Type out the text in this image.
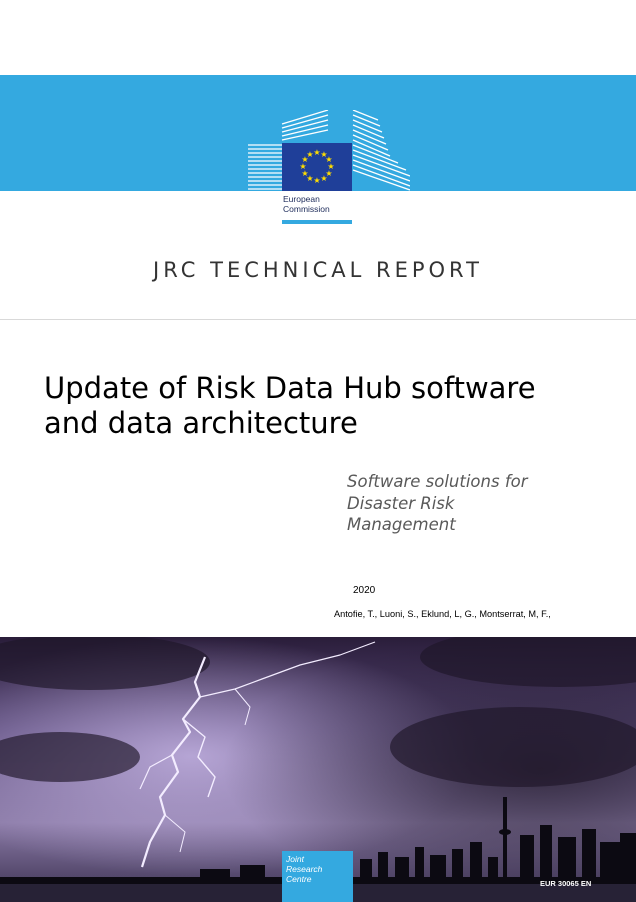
★ ★
★
★
★
★
★
★
★
★
★
★
European
Commission
JRC TECHNICAL REPORT
Update of Risk Data Hub software
and data architecture
Software solutions for
Disaster Risk
Management
2020
Antofie, T., Luoni, S., Eklund, L, G., Montserrat, M, F.,
Joint
Research
Centre	EUR 30065 EN
